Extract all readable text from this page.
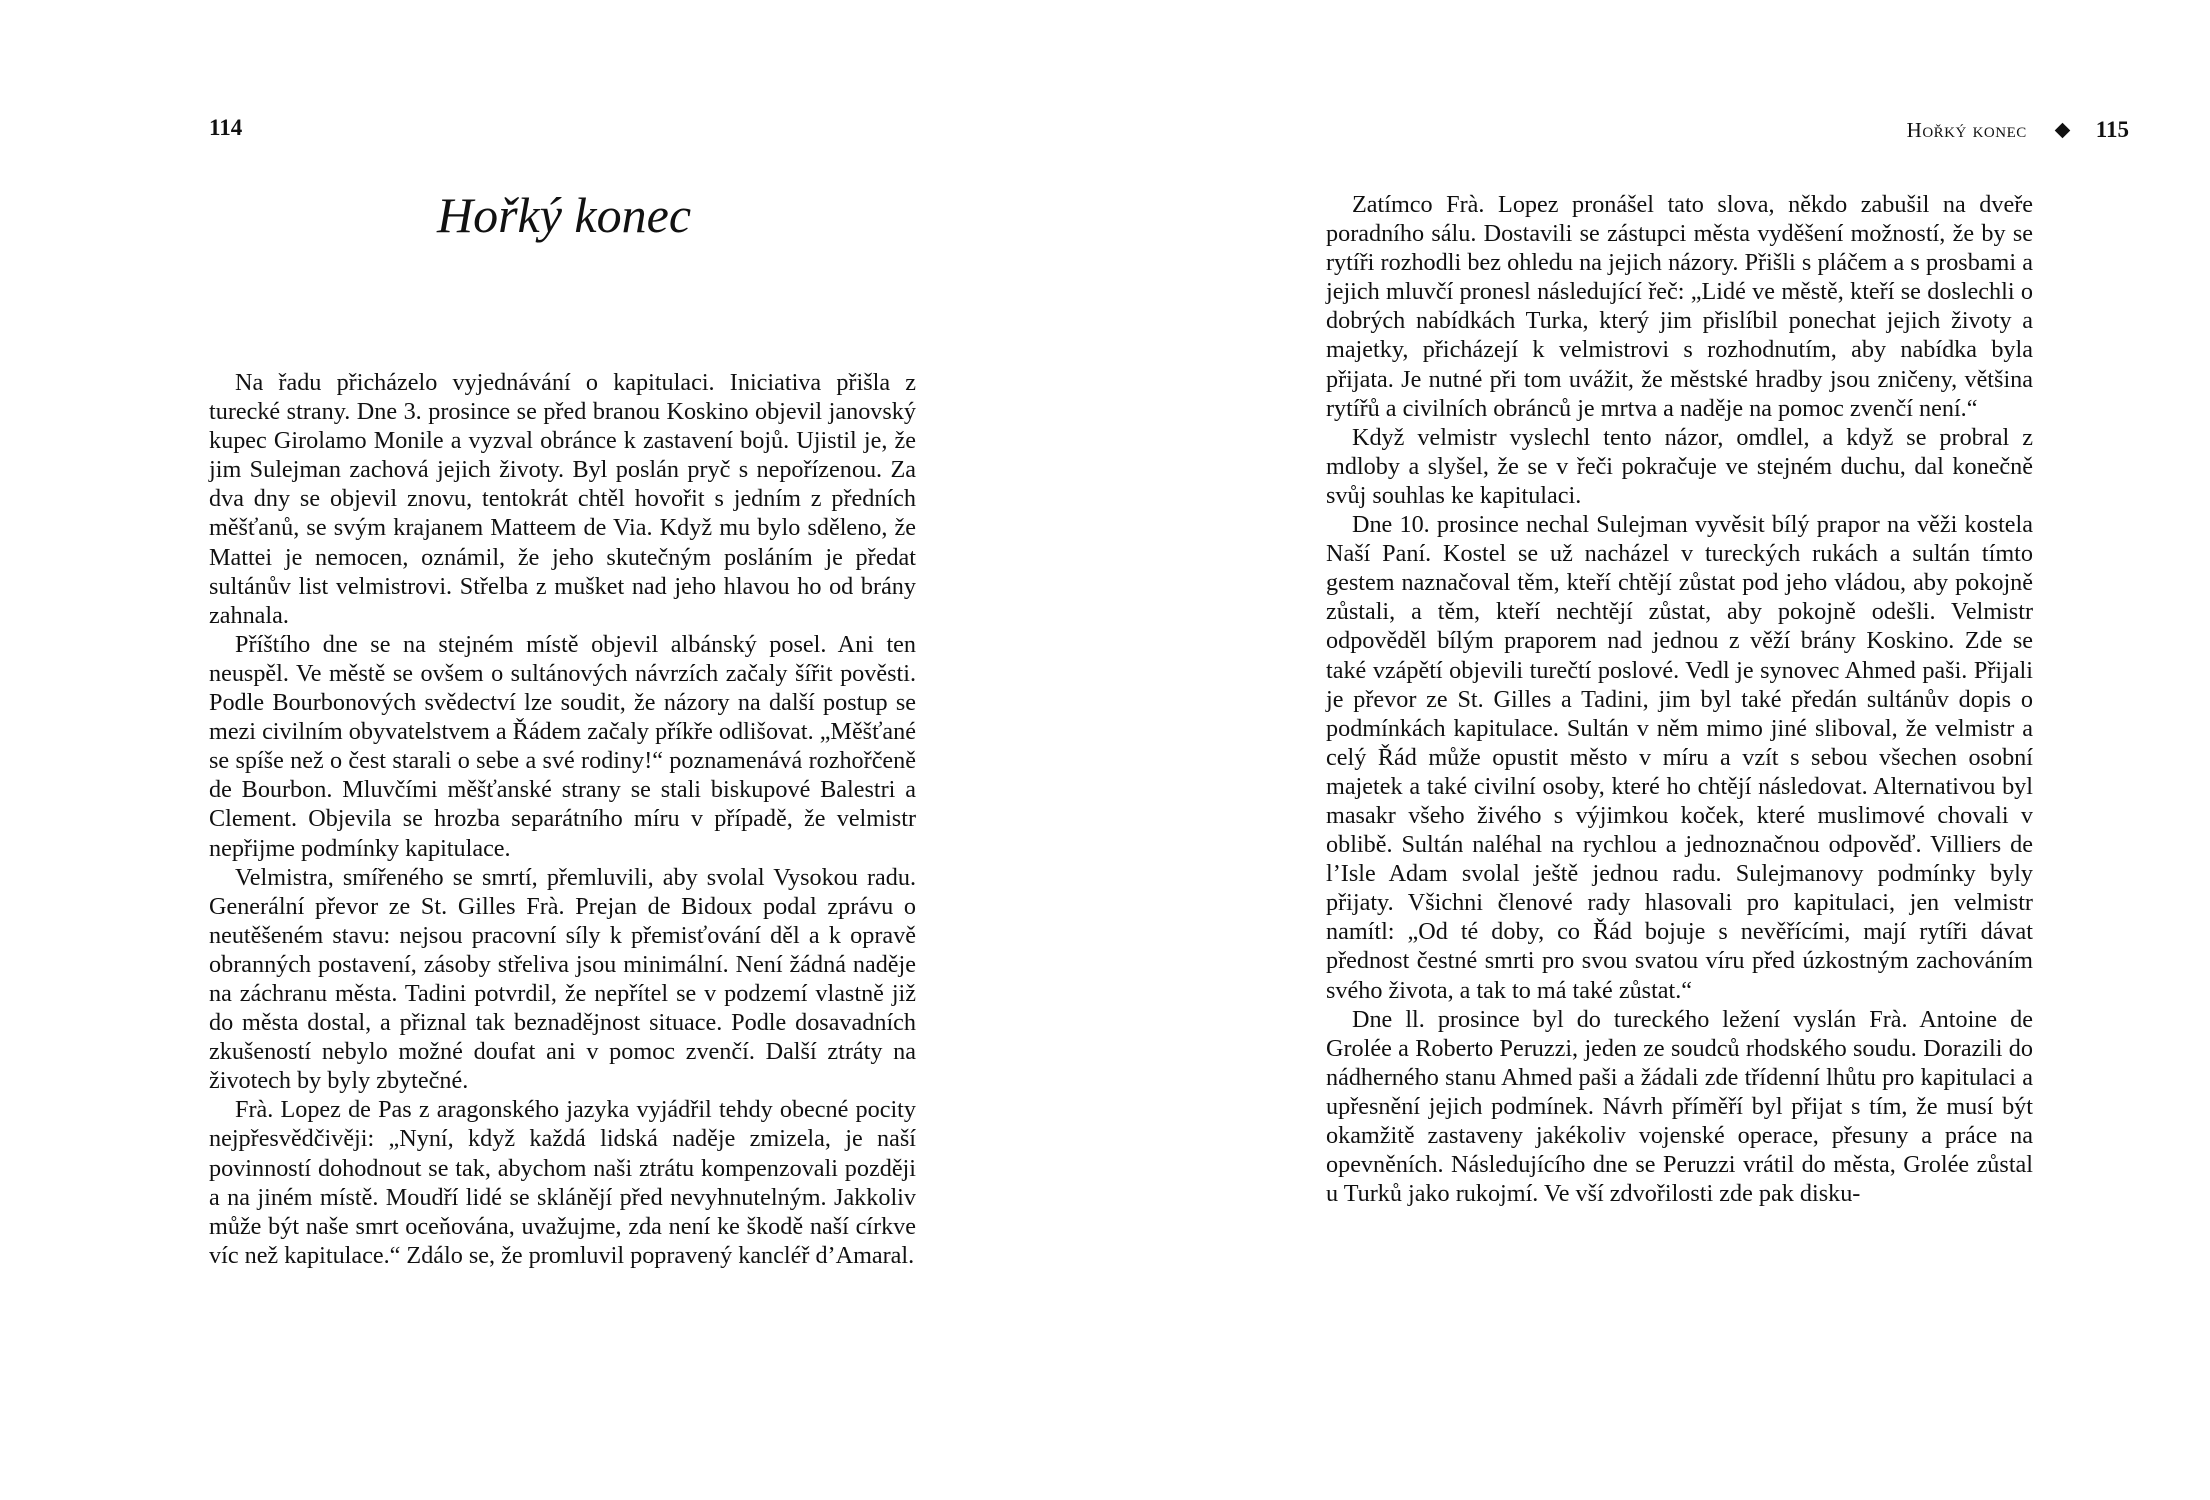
114
Hořký konec

Na řadu přicházelo vyjednávání o kapitulaci. Iniciativa přišla z turecké strany. Dne 3. prosince se před branou Koskino objevil janovský kupec Girolamo Monile a vyzval obránce k zastavení bojů. Ujistil je, že jim Sulejman zachová jejich životy. Byl poslán pryč s nepořízenou. Za dva dny se objevil znovu, tentokrát chtěl hovořit s jedním z předních měšťanů, se svým krajanem Matteem de Via. Když mu bylo sděleno, že Mattei je nemocen, oznámil, že jeho skutečným posláním je předat sultánův list velmistrovi. Střelba z mušket nad jeho hlavou ho od brány zahnala.

Příštího dne se na stejném místě objevil albánský posel. Ani ten neuspěl. Ve městě se ovšem o sultánových návrzích začaly šířit pověsti. Podle Bourbonových svědectví lze soudit, že názory na další postup se mezi civilním obyvatelstvem a Řádem začaly příkře odlišovat. „Měšťané se spíše než o čest starali o sebe a své rodiny!“ poznamenává rozhořčeně de Bourbon. Mluvčími měšťanské strany se stali biskupové Balestri a Clement. Objevila se hrozba separátního míru v případě, že velmistr nepřijme podmínky kapitulace.

Velmistra, smířeného se smrtí, přemluvili, aby svolal Vysokou radu. Generální převor ze St. Gilles Frà. Prejan de Bidoux podal zprávu o neutěšeném stavu: nejsou pracovní síly k přemisťování děl a k opravě obranných postavení, zásoby střeliva jsou minimální. Není žádná naděje na záchranu města. Tadini potvrdil, že nepřítel se v podzemí vlastně již do města dostal, a přiznal tak beznadějnost situace. Podle dosavadních zkušeností nebylo možné doufat ani v pomoc zvenčí. Další ztráty na životech by byly zbytečné.

Frà. Lopez de Pas z aragonského jazyka vyjádřil tehdy obecné pocity nejpřesvědčivěji: „Nyní, když každá lidská naděje zmizela, je naší povinností dohodnout se tak, abychom naši ztrátu kompenzovali později a na jiném místě. Moudří lidé se sklánějí před nevyhnutelným. Jakkoliv může být naše smrt oceňována, uvažujme, zda není ke škodě naší církve víc než kapitulace.“ Zdálo se, že promluvil popravený kancléř d’Amaral.

Hořký konec	115

Zatímco Frà. Lopez pronášel tato slova, někdo zabušil na dveře poradního sálu. Dostavili se zástupci města vyděšení možností, že by se rytíři rozhodli bez ohledu na jejich názory. Přišli s pláčem a s prosbami a jejich mluvčí pronesl následující řeč: „Lidé ve městě, kteří se doslechli o dobrých nabídkách Turka, který jim přislíbil ponechat jejich životy a majetky, přicházejí k velmistrovi s rozhodnutím, aby nabídka byla přijata. Je nutné při tom uvážit, že městské hradby jsou zničeny, většina rytířů a civilních obránců je mrtva a naděje na pomoc zvenčí není.“

Když velmistr vyslechl tento názor, omdlel, a když se probral z mdloby a slyšel, že se v řeči pokračuje ve stejném duchu, dal konečně svůj souhlas ke kapitulaci.

Dne 10. prosince nechal Sulejman vyvěsit bílý prapor na věži kostela Naší Paní. Kostel se už nacházel v tureckých rukách a sultán tímto gestem naznačoval těm, kteří chtějí zůstat pod jeho vládou, aby pokojně zůstali, a těm, kteří nechtějí zůstat, aby pokojně odešli. Velmistr odpověděl bílým praporem nad jednou z věží brány Koskino. Zde se také vzápětí objevili turečtí poslové. Vedl je synovec Ahmed paši. Přijali je převor ze St. Gilles a Tadini, jim byl také předán sultánův dopis o podmínkách kapitulace. Sultán v něm mimo jiné sliboval, že velmistr a celý Řád může opustit město v míru a vzít s sebou všechen osobní majetek a také civilní osoby, které ho chtějí následovat. Alternativou byl masakr všeho živého s výjimkou koček, které muslimové chovali v oblibě. Sultán naléhal na rychlou a jednoznačnou odpověď. Villiers de l’Isle Adam svolal ještě jednou radu. Sulejmanovy podmínky byly přijaty. Všichni členové rady hlasovali pro kapitulaci, jen velmistr namítl: „Od té doby, co Řád bojuje s nevěřícími, mají rytíři dávat přednost čestné smrti pro svou svatou víru před úzkostným zachováním svého života, a tak to má také zůstat.“

Dne ll. prosince byl do tureckého ležení vyslán Frà. Antoine de Grolée a Roberto Peruzzi, jeden ze soudců rhodského soudu. Dorazili do nádherného stanu Ahmed paši a žádali zde třídenní lhůtu pro kapitulaci a upřesnění jejich podmínek. Návrh příměří byl přijat s tím, že musí být okamžitě zastaveny jakékoliv vojenské operace, přesuny a práce na opevněních. Následujícího dne se Peruzzi vrátil do města, Grolée zůstal u Turků jako rukojmí. Ve vší zdvořilosti zde pak disku-
